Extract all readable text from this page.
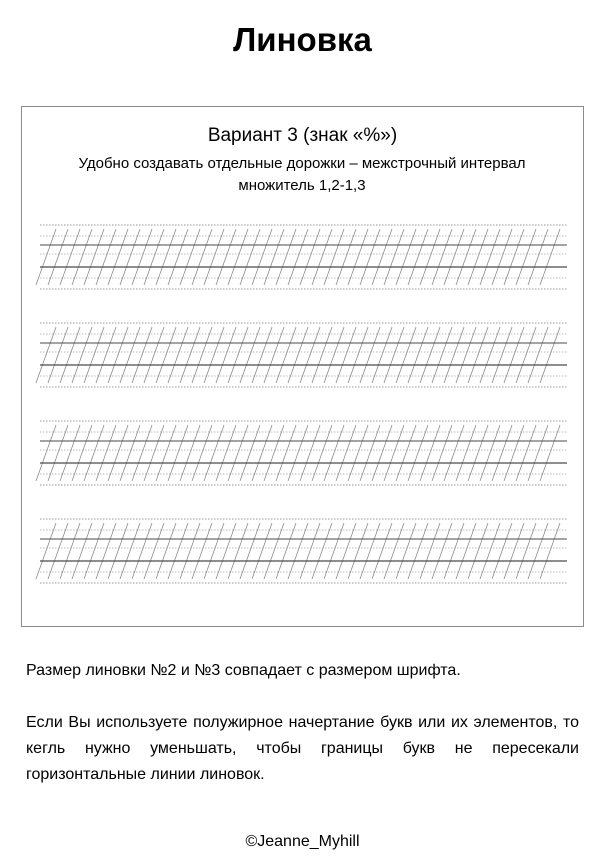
Линовка

Вариант 3 (знак «%»)

Удобно создавать отдельные дорожки – межстрочный интервал множитель 1,2-1,3

Размер линовки №2 и №3 совпадает с размером шрифта.

Если Вы используете полужирное начертание букв или их элементов, то кегль нужно уменьшать, чтобы границы букв не пересекали горизонтальные линии линовок.

©Jeanne_Myhill
